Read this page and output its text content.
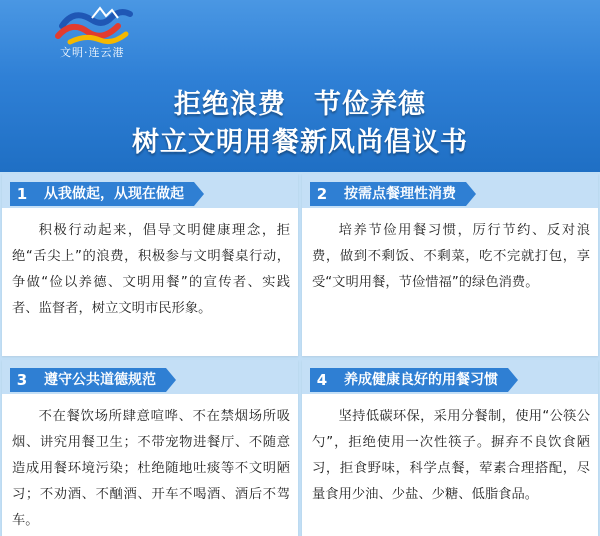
文明·连云港
拒绝浪费　节俭养德
树立文明用餐新风尚倡议书
1	从我做起，从现在做起
积极行动起来，倡导文明健康理念，拒绝“舌尖上”的浪费，积极参与文明餐桌行动，争做“俭以养德、文明用餐”的宣传者、实践者、监督者，树立文明市民形象。
2	按需点餐理性消费
培养节俭用餐习惯，厉行节约、反对浪费，做到不剩饭、不剩菜，吃不完就打包，享受“文明用餐，节俭惜福”的绿色消费。
3	遵守公共道德规范
不在餐饮场所肆意喧哗、不在禁烟场所吸烟、讲究用餐卫生；不带宠物进餐厅、不随意造成用餐环境污染；杜绝随地吐痰等不文明陋习；不劝酒、不酗酒、开车不喝酒、酒后不驾车。
4	养成健康良好的用餐习惯
坚持低碳环保，采用分餐制，使用“公筷公勺”，拒绝使用一次性筷子。摒弃不良饮食陋习，拒食野味，科学点餐，荤素合理搭配，尽量食用少油、少盐、少糖、低脂食品。
